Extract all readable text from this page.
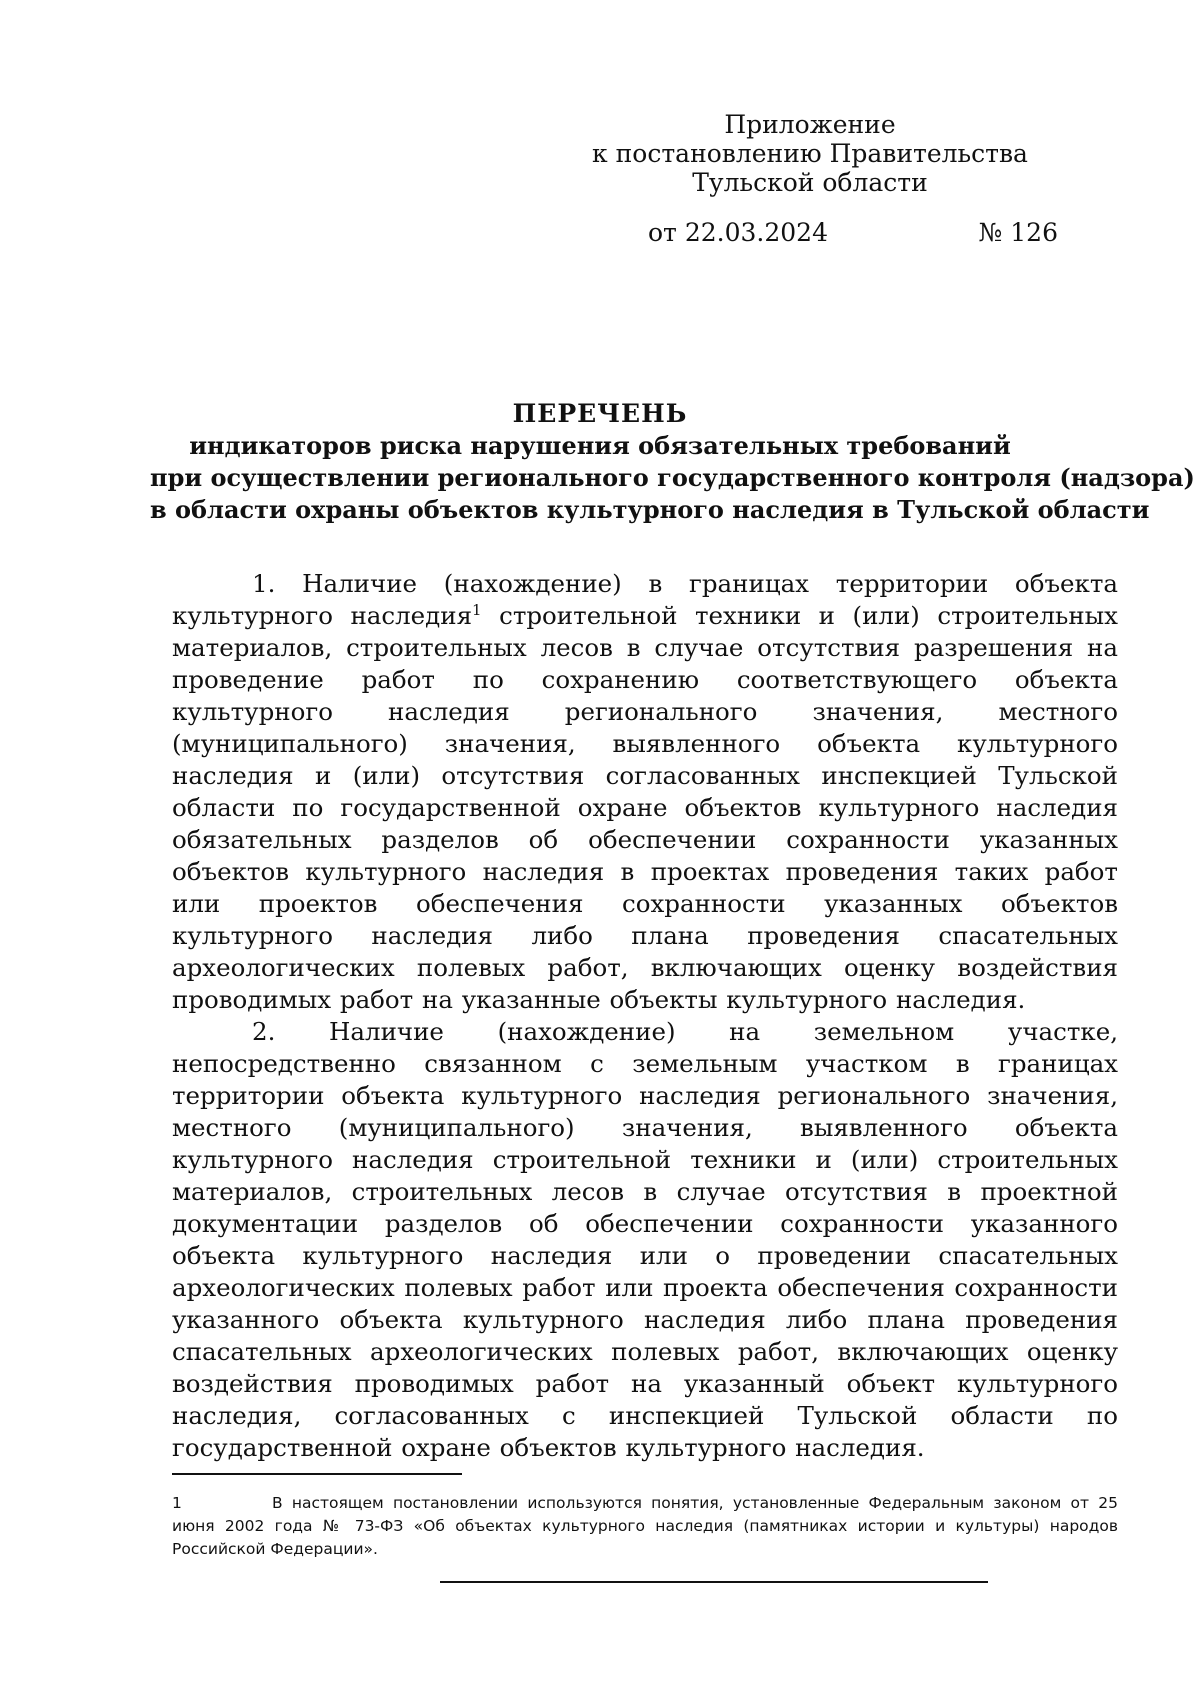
Приложение
к постановлению Правительства
Тульской области
от 22.03.2024	№ 126
ПЕРЕЧЕНЬ
индикаторов риска нарушения обязательных требований
при осуществлении регионального государственного контроля (надзора)
в области охраны объектов культурного наследия в Тульской области

1. Наличие (нахождение) в границах территории объекта культурного наследия$^1$ строительной техники и (или) строительных материалов, строительных лесов в случае отсутствия разрешения на проведение работ по сохранению соответствующего объекта культурного наследия регионального значения, местного (муниципального) значения, выявленного объекта культурного наследия и (или) отсутствия согласованных инспекцией Тульской области по государственной охране объектов культурного наследия обязательных разделов об обеспечении сохранности указанных объектов культурного наследия в проектах проведения таких работ или проектов обеспечения сохранности указанных объектов культурного наследия либо плана проведения спасательных археологических полевых работ, включающих оценку воздействия проводимых работ на указанные объекты культурного наследия.

2. Наличие (нахождение) на земельном участке, непосредственно связанном с земельным участком в границах территории объекта культурного наследия регионального значения, местного (муниципального) значения, выявленного объекта культурного наследия строительной техники и (или) строительных материалов, строительных лесов в случае отсутствия в проектной документации разделов об обеспечении сохранности указанного объекта культурного наследия или о проведении спасательных археологических полевых работ или проекта обеспечения сохранности указанного объекта культурного наследия либо плана проведения спасательных археологических полевых работ, включающих оценку воздействия проводимых работ на указанный объект культурного наследия, согласованных с инспекцией Тульской области по государственной охране объектов культурного наследия.

1	В настоящем постановлении используются понятия, установленные Федеральным законом от 25 июня 2002 года № 73-ФЗ «Об объектах культурного наследия (памятниках истории и культуры) народов Российской Федерации».
